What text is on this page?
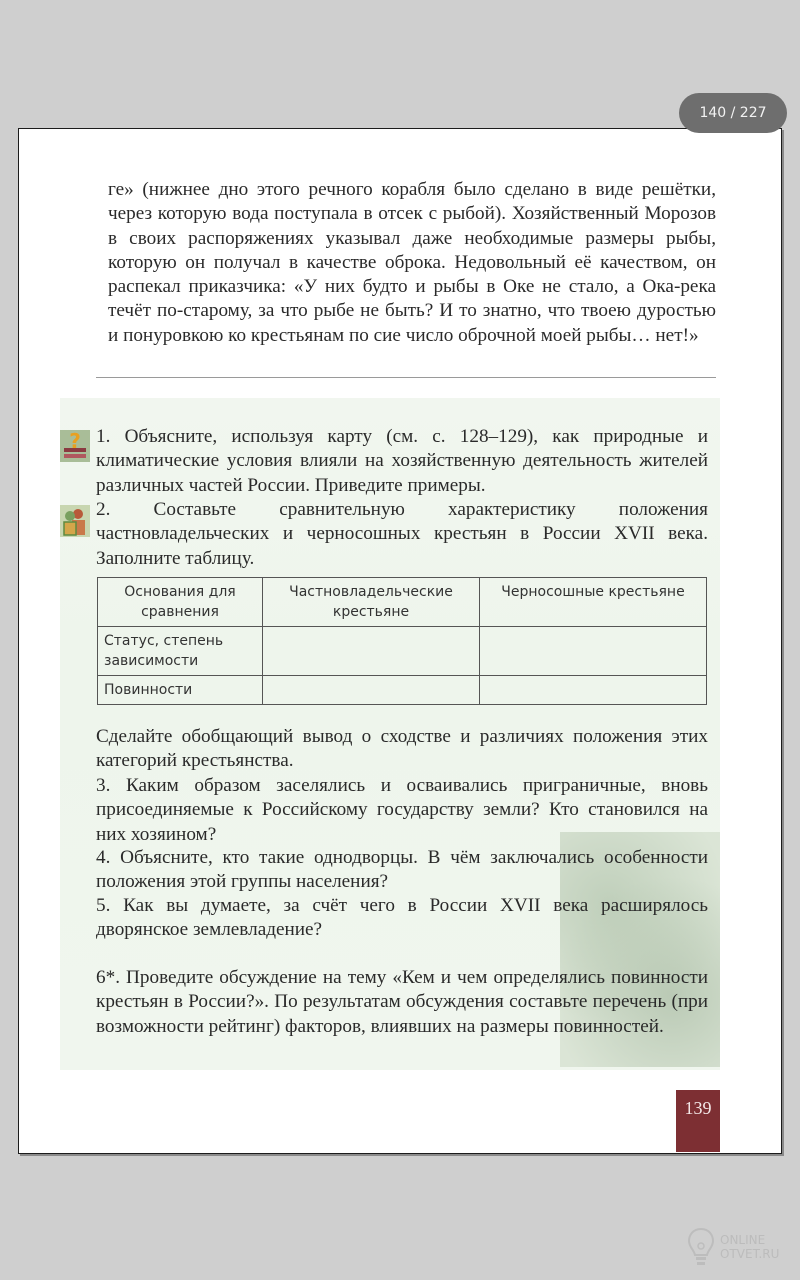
140 / 227

ге» (нижнее дно этого речного корабля было сделано в виде решётки, через которую вода поступала в отсек с рыбой). Хозяйственный Морозов в своих распоряжениях указывал даже необходимые размеры рыбы, которую он получал в качестве оброка. Недовольный её качеством, он распекал приказчика: «У них будто и рыбы в Оке не стало, а Ока-река течёт по-старому, за что рыбе не быть? И то знатно, что твоею дуростью и понуровкою ко крестьянам по сие число оброчной моей рыбы… нет!»

? 1. Объясните, используя карту (см. с. 128–129), как природные и климатические условия влияли на хозяйственную деятельность жителей различных частей России. Приведите примеры.

2. Составьте сравнительную характеристику положения частновладельческих и черносошных крестьян в России XVII века. Заполните таблицу.

Основания для сравнения	Частновладельческие крестьяне	Черносошные крестьяне
Статус, степень зависимости		
Повинности		

Сделайте обобщающий вывод о сходстве и различиях положения этих категорий крестьянства.

3. Каким образом заселялись и осваивались приграничные, вновь присоединяемые к Российскому государству земли? Кто становился на них хозяином?

4. Объясните, кто такие однодворцы. В чём заключались особенности положения этой группы населения?

5. Как вы думаете, за счёт чего в России XVII века расширялось дворянское землевладение?

6*. Проведите обсуждение на тему «Кем и чем определялись повинности крестьян в России?». По результатам обсуждения составьте перечень (при возможности рейтинг) факторов, влиявших на размеры повинностей.

139
ONLINE
OTVET.RU
